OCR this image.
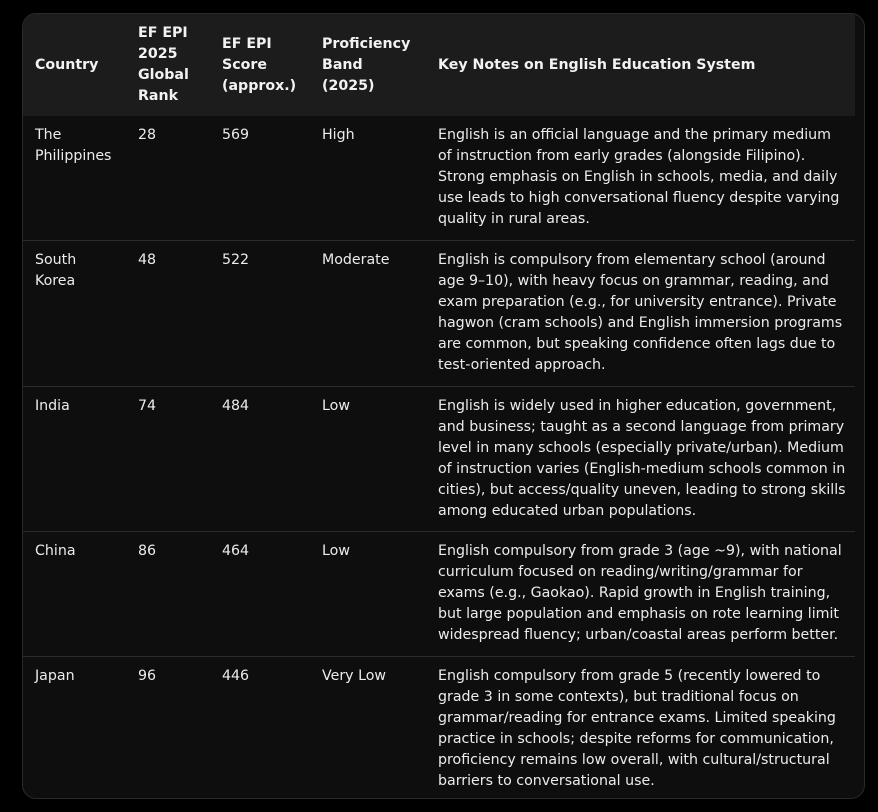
Country	EF EPI 2025 Global Rank	EF EPI Score (approx.)	Proficiency Band (2025)	Key Notes on English Education System
The Philippines	28	569	High	English is an official language and the primary medium of instruction from early grades (alongside Filipino). Strong emphasis on English in schools, media, and daily use leads to high conversational fluency despite varying quality in rural areas.
South Korea	48	522	Moderate	English is compulsory from elementary school (around age 9–10), with heavy focus on grammar, reading, and exam preparation (e.g., for university entrance). Private hagwon (cram schools) and English immersion programs are common, but speaking confidence often lags due to test-oriented approach.
India	74	484	Low	English is widely used in higher education, government, and business; taught as a second language from primary level in many schools (especially private/urban). Medium of instruction varies (English-medium schools common in cities), but access/quality uneven, leading to strong skills among educated urban populations.
China	86	464	Low	English compulsory from grade 3 (age ~9), with national curriculum focused on reading/writing/grammar for exams (e.g., Gaokao). Rapid growth in English training, but large population and emphasis on rote learning limit widespread fluency; urban/coastal areas perform better.
Japan	96	446	Very Low	English compulsory from grade 5 (recently lowered to grade 3 in some contexts), but traditional focus on grammar/reading for entrance exams. Limited speaking practice in schools; despite reforms for communication, proficiency remains low overall, with cultural/structural barriers to conversational use.
